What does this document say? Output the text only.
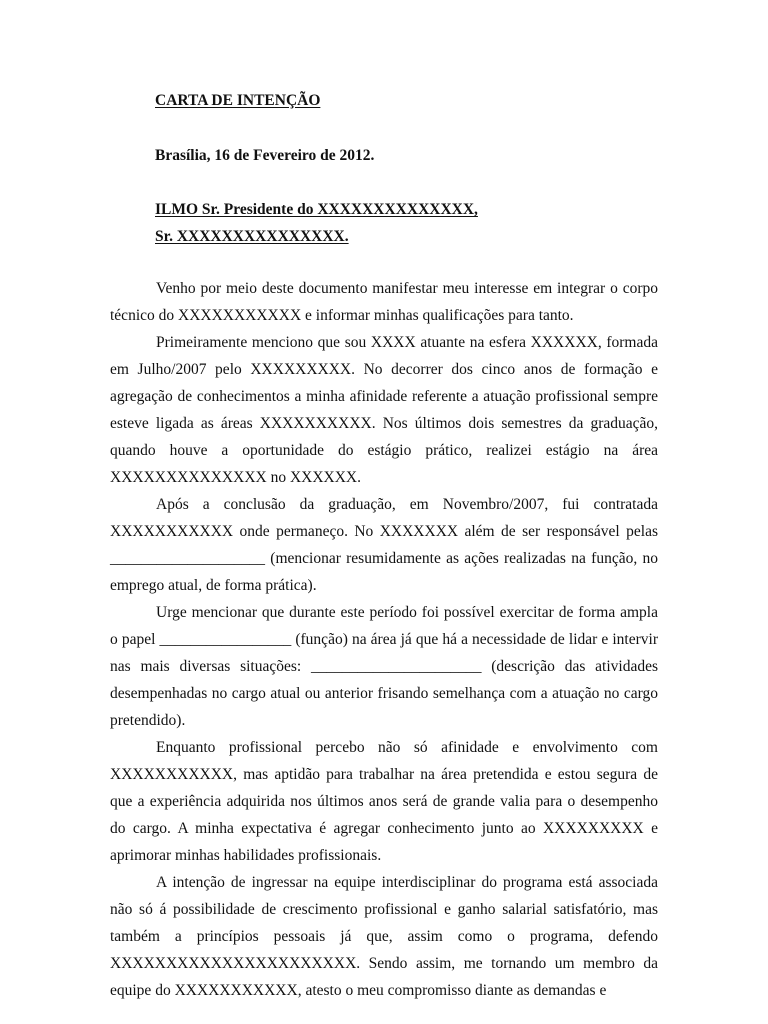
CARTA DE INTENÇÃO
Brasília, 16 de Fevereiro de 2012.
ILMO Sr. Presidente do XXXXXXXXXXXXXX,
Sr. XXXXXXXXXXXXXXX.

Venho por meio deste documento manifestar meu interesse em integrar o corpo técnico do XXXXXXXXXXX e informar minhas qualificações para tanto.

Primeiramente menciono que sou XXXX atuante na esfera XXXXXX, formada em Julho/2007 pelo XXXXXXXXX. No decorrer dos cinco anos de formação e agregação de conhecimentos a minha afinidade referente a atuação profissional sempre esteve ligada as áreas XXXXXXXXXX. Nos últimos dois semestres da graduação, quando houve a oportunidade do estágio prático, realizei estágio na área XXXXXXXXXXXXXX no XXXXXX.

Após a conclusão da graduação, em Novembro/2007, fui contratada XXXXXXXXXXX onde permaneço. No XXXXXXX além de ser responsável pelas ____________________ (mencionar resumidamente as ações realizadas na função, no emprego atual, de forma prática).

Urge mencionar que durante este período foi possível exercitar de forma ampla o papel _________________ (função) na área já que há a necessidade de lidar e intervir nas mais diversas situações: ______________________ (descrição das atividades desempenhadas no cargo atual ou anterior frisando semelhança com a atuação no cargo pretendido).

Enquanto profissional percebo não só afinidade e envolvimento com XXXXXXXXXXX, mas aptidão para trabalhar na área pretendida e estou segura de que a experiência adquirida nos últimos anos será de grande valia para o desempenho do cargo. A minha expectativa é agregar conhecimento junto ao XXXXXXXXX e aprimorar minhas habilidades profissionais.

A intenção de ingressar na equipe interdisciplinar do programa está associada não só á possibilidade de crescimento profissional e ganho salarial satisfatório, mas também a princípios pessoais já que, assim como o programa, defendo XXXXXXXXXXXXXXXXXXXXXX. Sendo assim, me tornando um membro da equipe do XXXXXXXXXXX, atesto o meu compromisso diante as demandas e
